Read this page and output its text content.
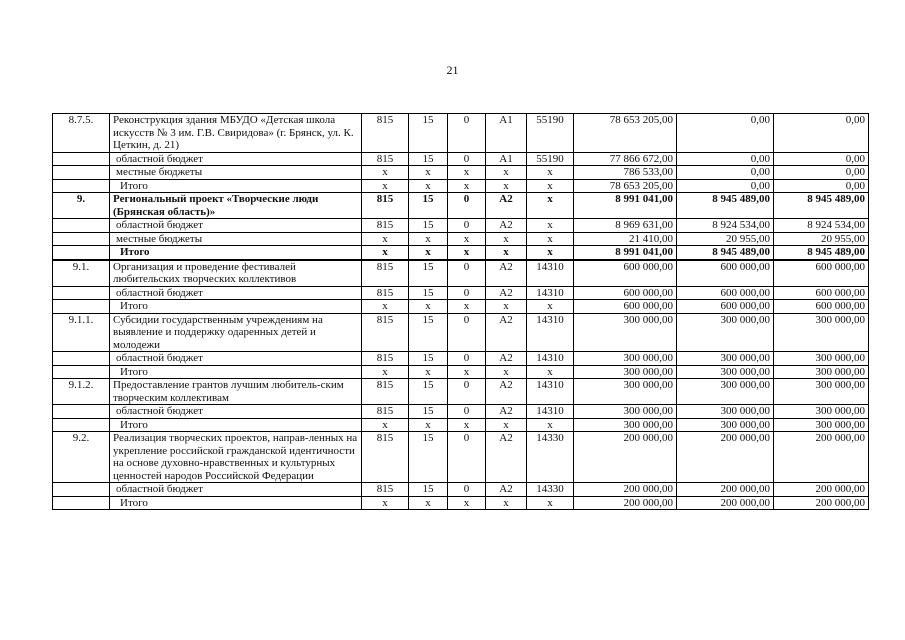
21
8.7.5.	Реконструкция здания МБУДО «Детская школа искусств № 3 им. Г.В. Свиридова» (г. Брянск, ул. К. Цеткин, д. 21)	815	15	0	A1	55190	78 653 205,00	0,00	0,00
	областной бюджет	815	15	0	A1	55190	77 866 672,00	0,00	0,00
	местные бюджеты	х	х	х	х	х	786 533,00	0,00	0,00
	Итого	х	х	х	х	х	78 653 205,00	0,00	0,00
9.	Региональный проект «Творческие люди (Брянская область)»	815	15	0	A2	х	8 991 041,00	8 945 489,00	8 945 489,00
	областной бюджет	815	15	0	A2	х	8 969 631,00	8 924 534,00	8 924 534,00
	местные бюджеты	х	х	х	х	х	21 410,00	20 955,00	20 955,00
	Итого	х	х	х	х	х	8 991 041,00	8 945 489,00	8 945 489,00
9.1.	Организация и проведение фестивалей любительских творческих коллективов	815	15	0	A2	14310	600 000,00	600 000,00	600 000,00
	областной бюджет	815	15	0	A2	14310	600 000,00	600 000,00	600 000,00
	Итого	х	х	х	х	х	600 000,00	600 000,00	600 000,00
9.1.1.	Субсидии государственным учреждениям на выявление и поддержку одаренных детей и молодежи	815	15	0	A2	14310	300 000,00	300 000,00	300 000,00
	областной бюджет	815	15	0	A2	14310	300 000,00	300 000,00	300 000,00
	Итого	х	х	х	х	х	300 000,00	300 000,00	300 000,00
9.1.2.	Предоставление грантов лучшим любитель-ским творческим коллективам	815	15	0	A2	14310	300 000,00	300 000,00	300 000,00
	областной бюджет	815	15	0	A2	14310	300 000,00	300 000,00	300 000,00
	Итого	х	х	х	х	х	300 000,00	300 000,00	300 000,00
9.2.	Реализация творческих проектов, направ-ленных на укрепление российской гражданской идентичности на основе духовно-нравственных и культурных ценностей народов Российской Федерации	815	15	0	A2	14330	200 000,00	200 000,00	200 000,00
	областной бюджет	815	15	0	A2	14330	200 000,00	200 000,00	200 000,00
	Итого	х	х	х	х	х	200 000,00	200 000,00	200 000,00
